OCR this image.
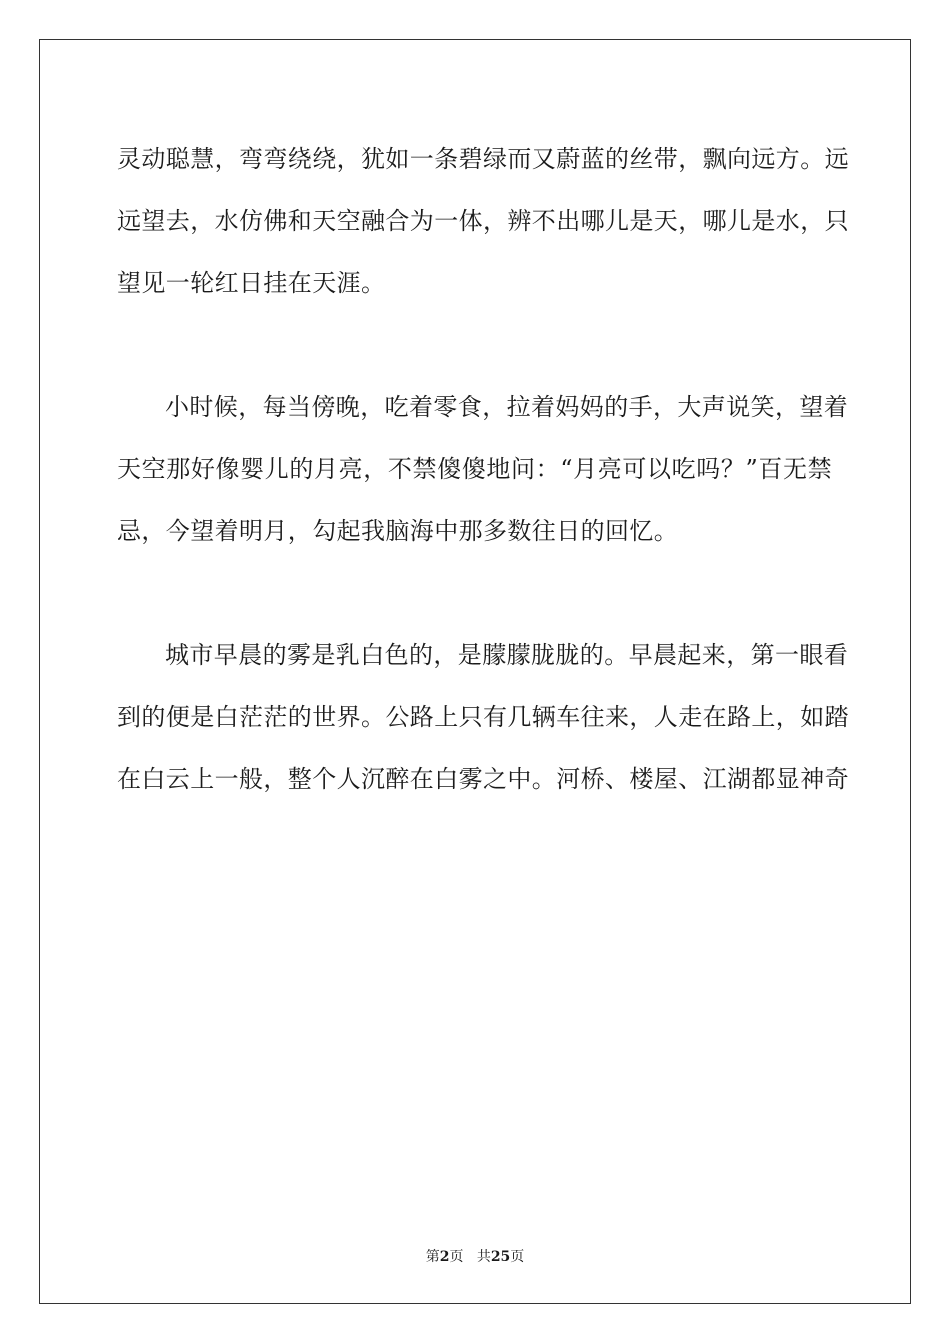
灵动聪慧，弯弯绕绕，犹如一条碧绿而又蔚蓝的丝带，飘向远方。远
远望去，水仿佛和天空融合为一体，辨不出哪儿是天，哪儿是水，只
望见一轮红日挂在天涯。
小时候，每当傍晚，吃着零食，拉着妈妈的手，大声说笑，望着
天空那好像婴儿的月亮，不禁傻傻地问：“月亮可以吃吗？”百无禁
忌，今望着明月，勾起我脑海中那多数往日的回忆。
城市早晨的雾是乳白色的，是朦朦胧胧的。早晨起来，第一眼看
到的便是白茫茫的世界。公路上只有几辆车往来，人走在路上，如踏
在白云上一般，整个人沉醉在白雾之中。河桥、楼屋、江湖都显神奇
第2页 共25页
